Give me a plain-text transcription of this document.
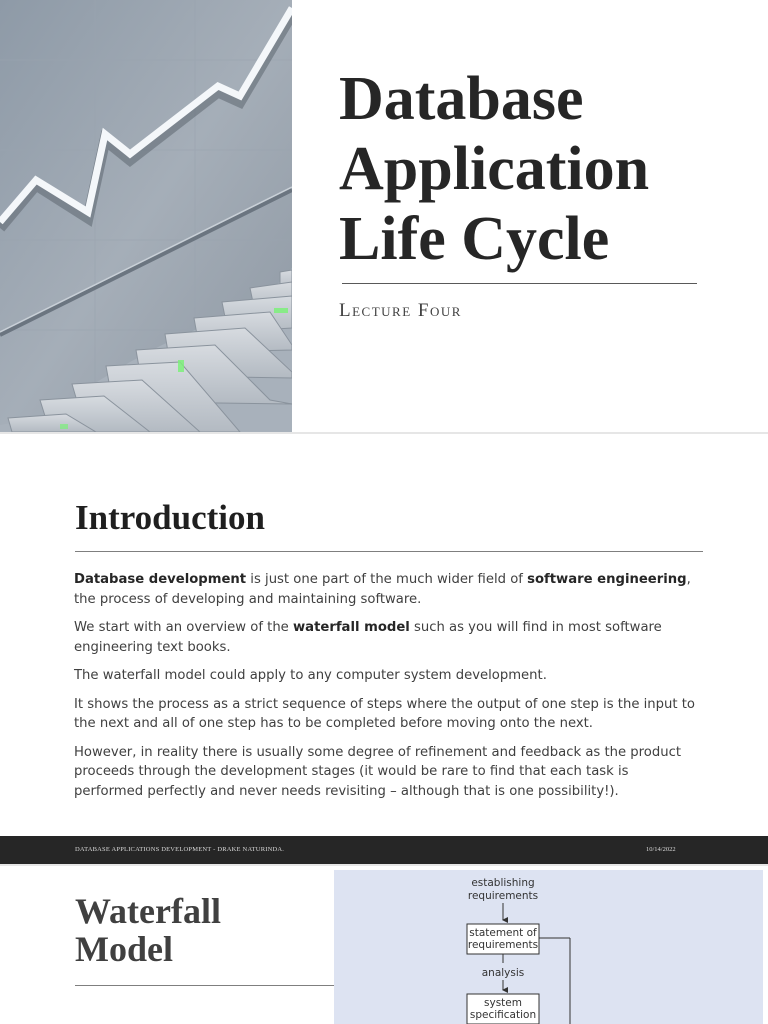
Database
Application
Life Cycle
Lecture Four
Introduction

Database development is just one part of the much wider field of software engineering, the process of developing and maintaining software.

We start with an overview of the waterfall model such as you will find in most software engineering text books.

The waterfall model could apply to any computer system development.

It shows the process as a strict sequence of steps where the output of one step is the input to the next and all of one step has to be completed before moving onto the next.

However, in reality there is usually some degree of refinement and feedback as the product proceeds through the development stages (it would be rare to find that each task is performed perfectly and never needs revisiting – although that is one possibility!).

DATABASE APPLICATIONS DEVELOPMENT - DRAKE NATURINDA.	10/14/2022
Waterfall
Model
establishing
requirements
statement of
requirements
analysis
system
specification
